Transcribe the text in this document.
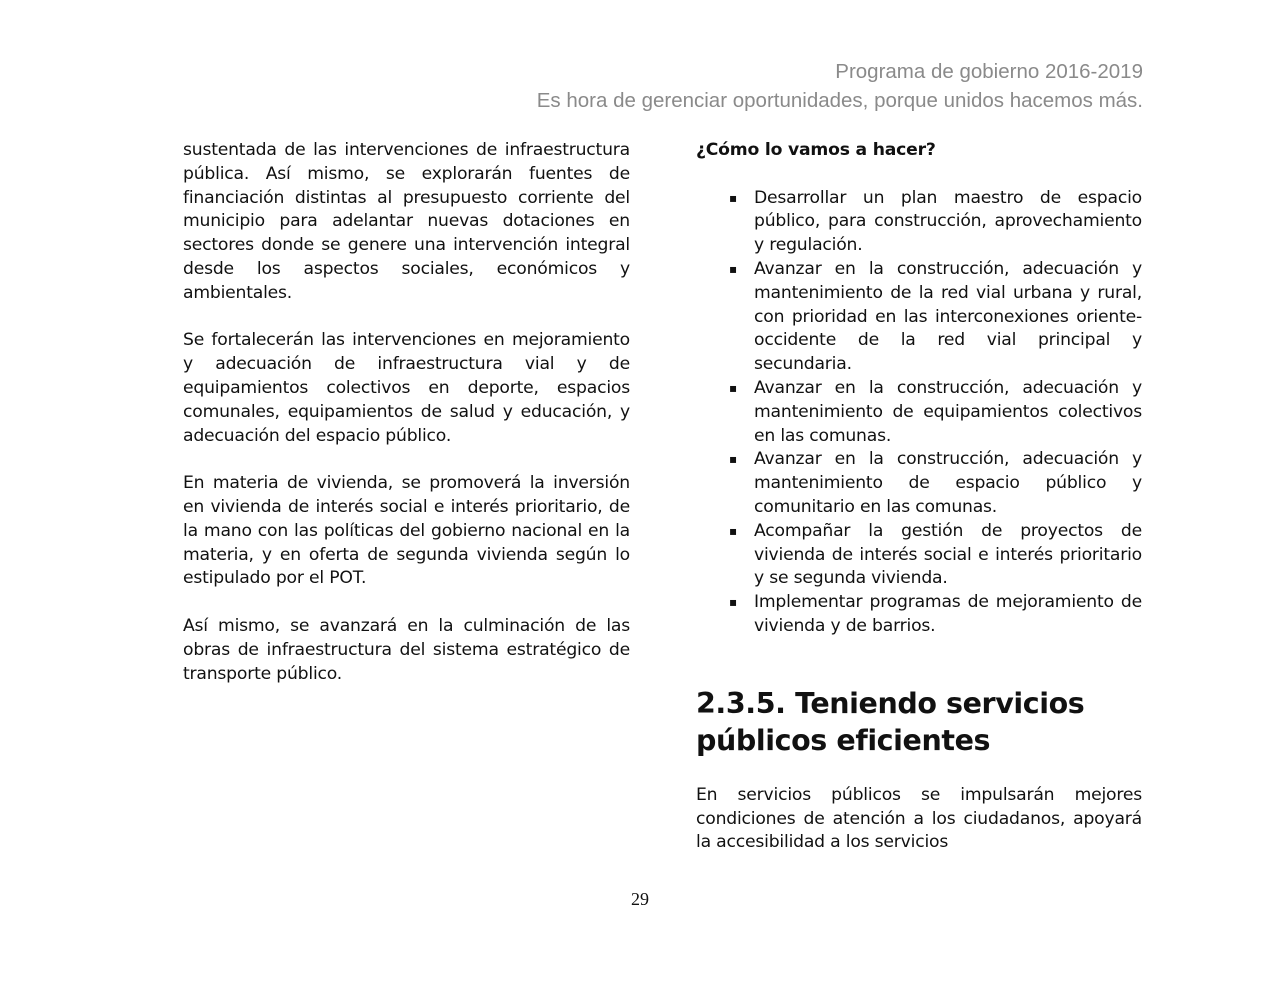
Programa de gobierno 2016-2019
Es hora de gerenciar oportunidades, porque unidos hacemos más.

sustentada de las intervenciones de infraestructura pública. Así mismo, se explorarán fuentes de financiación distintas al presupuesto corriente del municipio para adelantar nuevas dotaciones en sectores donde se genere una intervención integral desde los aspectos sociales, económicos y ambientales.

Se fortalecerán las intervenciones en mejoramiento y adecuación de infraestructura vial y de equipamientos colectivos en deporte, espacios comunales, equipamientos de salud y educación, y adecuación del espacio público.

En materia de vivienda, se promoverá la inversión en vivienda de interés social e interés prioritario, de la mano con las políticas del gobierno nacional en la materia, y en oferta de segunda vivienda según lo estipulado por el POT.

Así mismo, se avanzará en la culminación de las obras de infraestructura del sistema estratégico de transporte público.

¿Cómo lo vamos a hacer?
▪ Desarrollar un plan maestro de espacio público, para construcción, aprovechamiento y regulación.
▪ Avanzar en la construcción, adecuación y mantenimiento de la red vial urbana y rural, con prioridad en las interconexiones oriente-occidente de la red vial principal y secundaria.
▪ Avanzar en la construcción, adecuación y mantenimiento de equipamientos colectivos en las comunas.
▪ Avanzar en la construcción, adecuación y mantenimiento de espacio público y comunitario en las comunas.
▪ Acompañar la gestión de proyectos de vivienda de interés social e interés prioritario y se segunda vivienda.
▪ Implementar programas de mejoramiento de vivienda y de barrios.
2.3.5. Teniendo servicios públicos eficientes

En servicios públicos se impulsarán mejores condiciones de atención a los ciudadanos, apoyará la accesibilidad a los servicios

29
